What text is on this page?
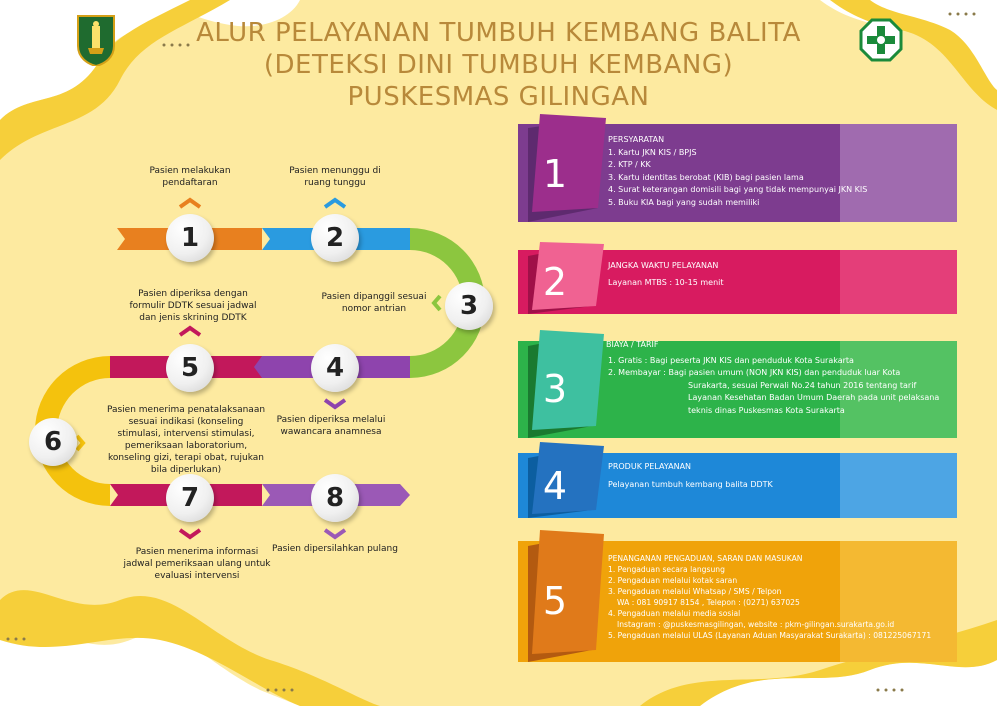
ALUR PELAYANAN TUMBUH KEMBANG BALITA
(DETEKSI DINI TUMBUH KEMBANG)
PUSKESMAS GILINGAN
1	2
3
4
5
6
7	8
Pasien melakukan pendaftaran
Pasien menunggu di ruang tunggu
Pasien dipanggil sesuai nomor antrian
Pasien diperiksa melalui wawancara anamnesa
Pasien diperiksa dengan formulir DDTK sesuai jadwal dan jenis skrining DDTK
Pasien menerima penatalaksanaan sesuai indikasi (konseling stimulasi, intervensi stimulasi, pemeriksaan laboratorium, konseling gizi, terapi obat, rujukan bila diperlukan)
Pasien menerima informasi jadwal pemeriksaan ulang untuk evaluasi intervensi
Pasien dipersilahkan pulang
1
PERSYARATAN
1. Kartu JKN KIS / BPJS
2. KTP / KK
3. Kartu identitas berobat (KIB) bagi pasien lama
4. Surat keterangan domisili bagi yang tidak mempunyai JKN KIS
5. Buku KIA bagi yang sudah memiliki
2	JANGKA WAKTU PELAYANAN
Layanan MTBS : 10-15 menit
3
BIAYA / TARIF
1. Gratis : Bagi peserta JKN KIS dan penduduk Kota Surakarta
2. Membayar : Bagi pasien umum (NON JKN KIS) dan penduduk luar Kota
Surakarta, sesuai Perwali No.24 tahun 2016 tentang tarif
Layanan Kesehatan Badan Umum Daerah pada unit pelaksana
teknis dinas Puskesmas Kota Surakarta
4	PRODUK PELAYANAN
Pelayanan tumbuh kembang balita DDTK
5
PENANGANAN PENGADUAN, SARAN DAN MASUKAN
1. Pengaduan secara langsung
2. Pengaduan melalui kotak saran
3. Pengaduan melalui Whatsap / SMS / Telpon
WA : 081 90917 8154 , Telepon : (0271) 637025
4. Pengaduan melalui media sosial
Instagram : @puskesmasgilingan, website : pkm-gilingan.surakarta.go.id
5. Pengaduan melalui ULAS (Layanan Aduan Masyarakat Surakarta) : 081225067171
